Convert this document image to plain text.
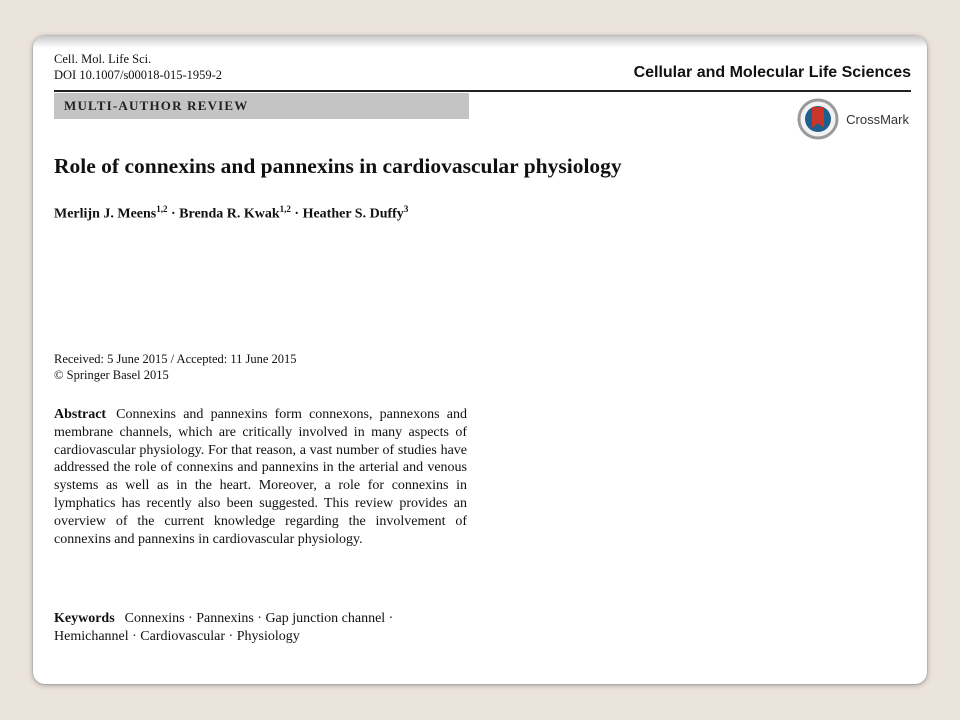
Cell. Mol. Life Sci.
DOI 10.1007/s00018-015-1959-2	Cellular and Molecular Life Sciences
MULTI-AUTHOR REVIEW
CrossMark
Role of connexins and pannexins in cardiovascular physiology
Merlijn J. Meens$^{1,2}$ · Brenda R. Kwak$^{1,2}$ · Heather S. Duffy$^3$
Received: 5 June 2015 / Accepted: 11 June 2015
© Springer Basel 2015

Abstract Connexins and pannexins form connexons, pannexons and membrane channels, which are critically involved in many aspects of cardiovascular physiology. For that reason, a vast number of studies have addressed the role of connexins and pannexins in the arterial and venous systems as well as in the heart. Moreover, a role for connexins in lymphatics has recently also been suggested. This review provides an overview of the current knowledge regarding the involvement of connexins and pannexins in cardiovascular physiology.

Keywords Connexins · Pannexins · Gap junction channel · Hemichannel · Cardiovascular · Physiology
